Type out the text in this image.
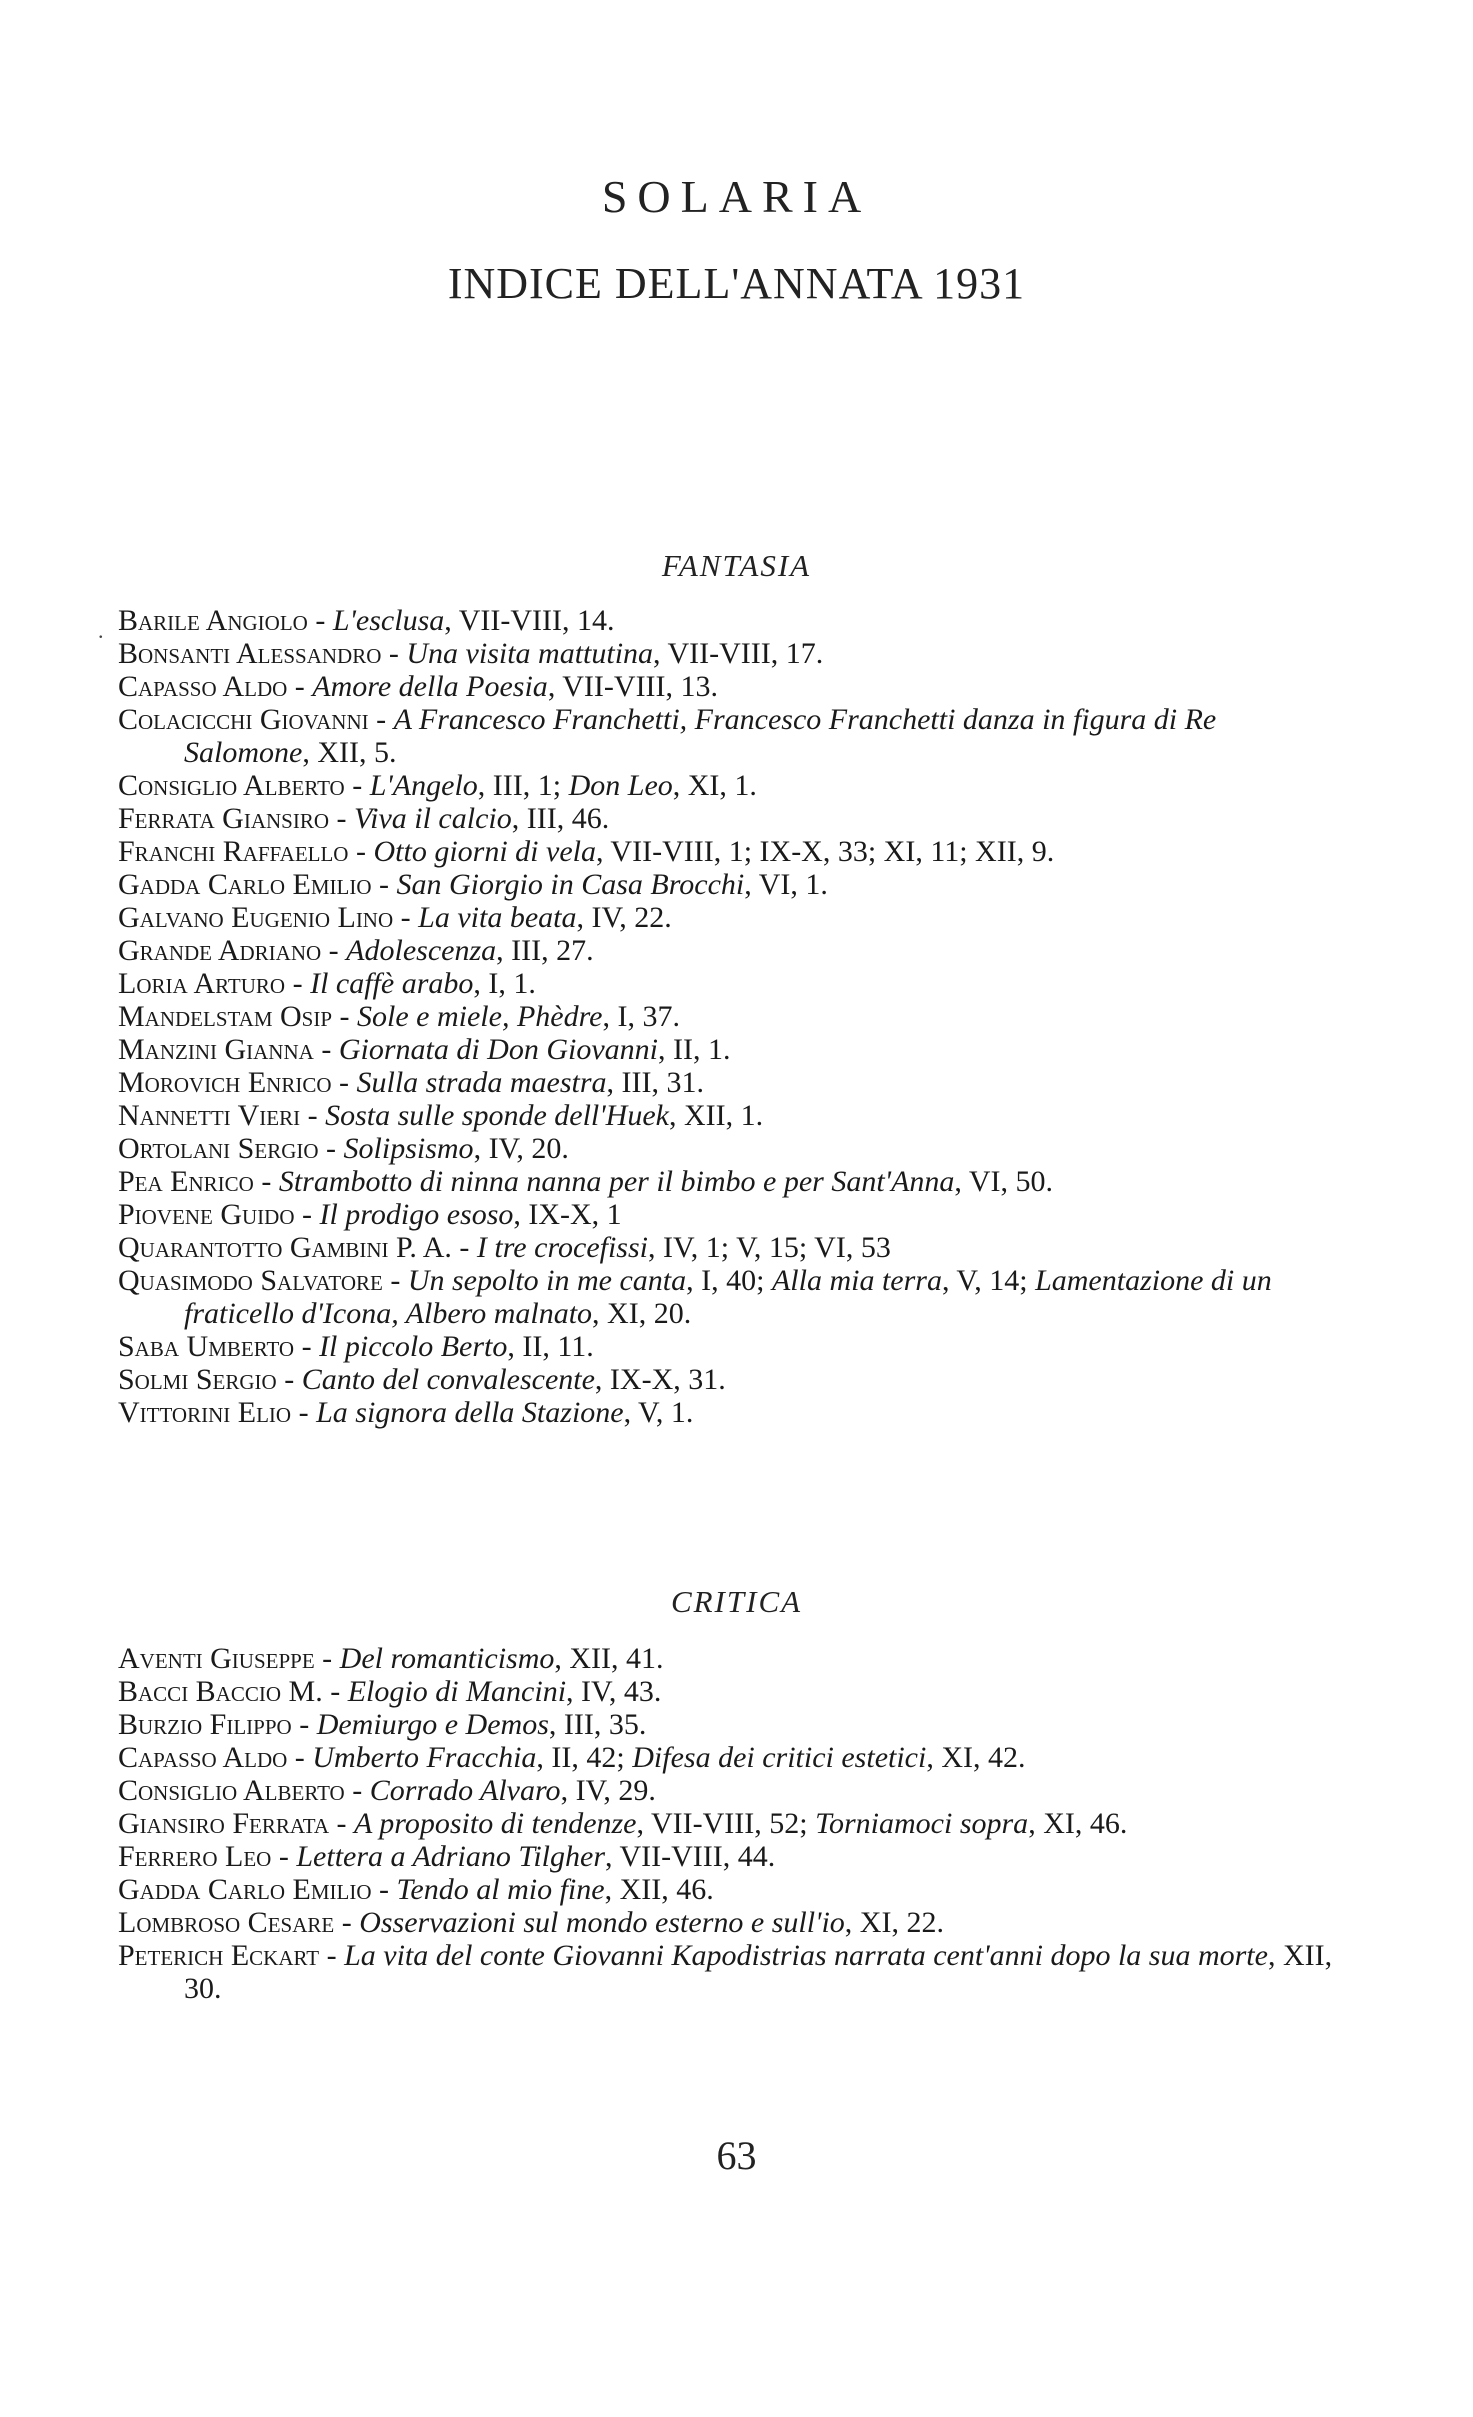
SOLARIA
INDICE DELL'ANNATA 1931
FANTASIA
. Barile Angiolo - L'esclusa, VII-VIII, 14.
Bonsanti Alessandro - Una visita mattutina, VII-VIII, 17.
Capasso Aldo - Amore della Poesia, VII-VIII, 13.
Colacicchi Giovanni - A Francesco Franchetti, Francesco Franchetti danza in figura di Re Salomone, XII, 5.
Consiglio Alberto - L'Angelo, III, 1; Don Leo, XI, 1.
Ferrata Giansiro - Viva il calcio, III, 46.
Franchi Raffaello - Otto giorni di vela, VII-VIII, 1; IX-X, 33; XI, 11; XII, 9.
Gadda Carlo Emilio - San Giorgio in Casa Brocchi, VI, 1.
Galvano Eugenio Lino - La vita beata, IV, 22.
Grande Adriano - Adolescenza, III, 27.
Loria Arturo - Il caffè arabo, I, 1.
Mandelstam Osip - Sole e miele, Phèdre, I, 37.
Manzini Gianna - Giornata di Don Giovanni, II, 1.
Morovich Enrico - Sulla strada maestra, III, 31.
Nannetti Vieri - Sosta sulle sponde dell'Huek, XII, 1.
Ortolani Sergio - Solipsismo, IV, 20.
Pea Enrico - Strambotto di ninna nanna per il bimbo e per Sant'Anna, VI, 50.
Piovene Guido - Il prodigo esoso, IX-X, 1
Quarantotto Gambini P. A. - I tre crocefissi, IV, 1; V, 15; VI, 53
Quasimodo Salvatore - Un sepolto in me canta, I, 40; Alla mia terra, V, 14; Lamentazione di un fraticello d'Icona, Albero malnato, XI, 20.
Saba Umberto - Il piccolo Berto, II, 11.
Solmi Sergio - Canto del convalescente, IX-X, 31.
Vittorini Elio - La signora della Stazione, V, 1.
CRITICA
Aventi Giuseppe - Del romanticismo, XII, 41.
Bacci Baccio M. - Elogio di Mancini, IV, 43.
Burzio Filippo - Demiurgo e Demos, III, 35.
Capasso Aldo - Umberto Fracchia, II, 42; Difesa dei critici estetici, XI, 42.
Consiglio Alberto - Corrado Alvaro, IV, 29.
Giansiro Ferrata - A proposito di tendenze, VII-VIII, 52; Torniamoci sopra, XI, 46.
Ferrero Leo - Lettera a Adriano Tilgher, VII-VIII, 44.
Gadda Carlo Emilio - Tendo al mio fine, XII, 46.
Lombroso Cesare - Osservazioni sul mondo esterno e sull'io, XI, 22.
Peterich Eckart - La vita del conte Giovanni Kapodistrias narrata cent'anni dopo la sua morte, XII, 30.
63
